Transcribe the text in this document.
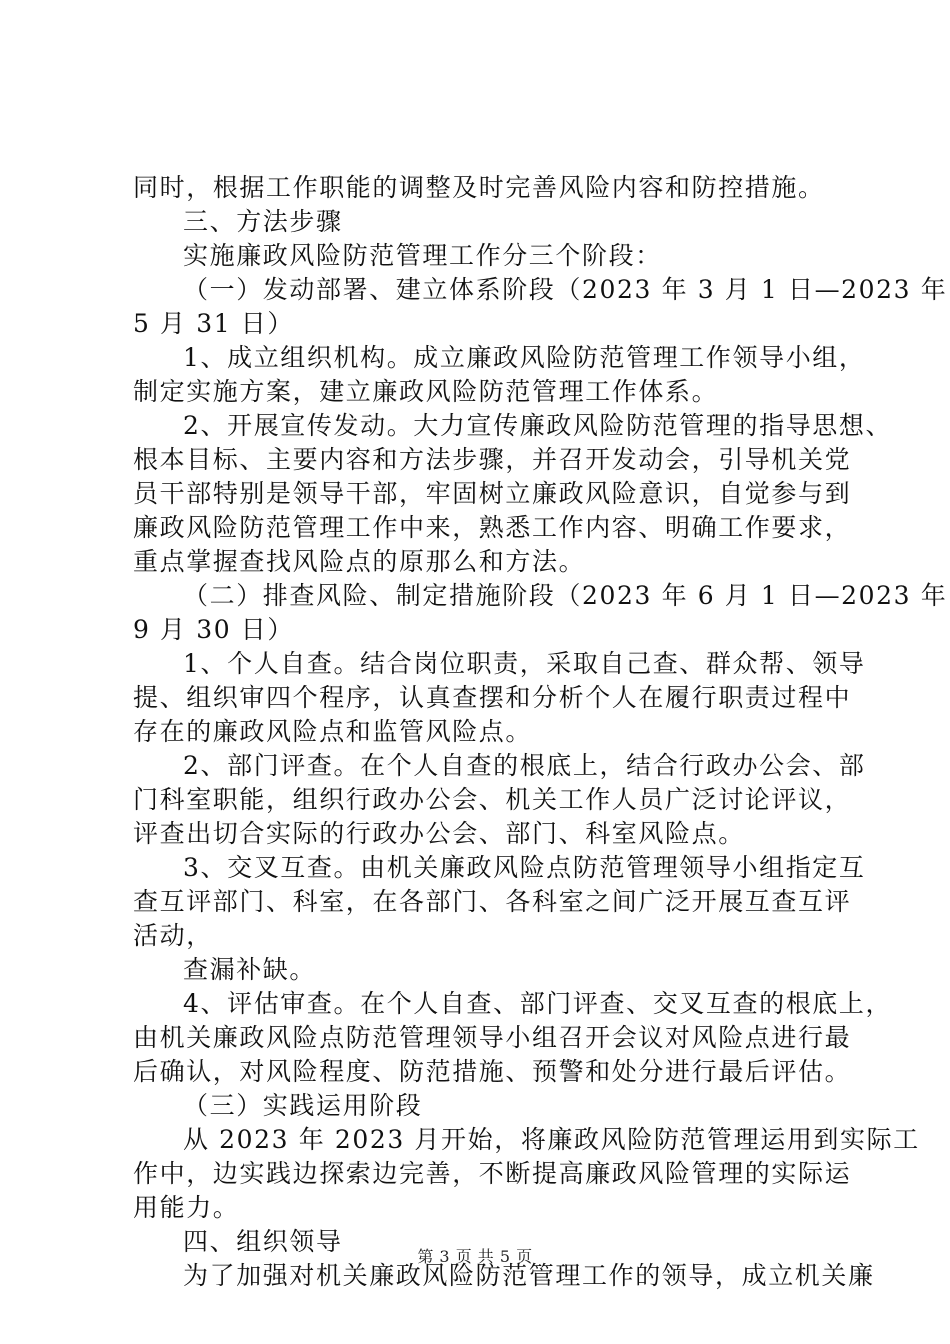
同时，根据工作职能的调整及时完善风险内容和防控措施。
三、方法步骤
实施廉政风险防范管理工作分三个阶段：
（一）发动部署、建立体系阶段（2023 年 3 月 1 日—2023 年
5 月 31 日）
1、成立组织机构。成立廉政风险防范管理工作领导小组，
制定实施方案，建立廉政风险防范管理工作体系。
2、开展宣传发动。大力宣传廉政风险防范管理的指导思想、
根本目标、主要内容和方法步骤，并召开发动会，引导机关党
员干部特别是领导干部，牢固树立廉政风险意识，自觉参与到
廉政风险防范管理工作中来，熟悉工作内容、明确工作要求，
重点掌握查找风险点的原那么和方法。
（二）排查风险、制定措施阶段（2023 年 6 月 1 日—2023 年
9 月 30 日）
1、个人自查。结合岗位职责，采取自己查、群众帮、领导
提、组织审四个程序，认真查摆和分析个人在履行职责过程中
存在的廉政风险点和监管风险点。
2、部门评查。在个人自查的根底上，结合行政办公会、部
门科室职能，组织行政办公会、机关工作人员广泛讨论评议，
评查出切合实际的行政办公会、部门、科室风险点。
3、交叉互查。由机关廉政风险点防范管理领导小组指定互
查互评部门、科室，在各部门、各科室之间广泛开展互查互评
活动，
查漏补缺。
4、评估审查。在个人自查、部门评查、交叉互查的根底上，
由机关廉政风险点防范管理领导小组召开会议对风险点进行最
后确认，对风险程度、防范措施、预警和处分进行最后评估。
（三）实践运用阶段
从 2023 年 2023 月开始，将廉政风险防范管理运用到实际工
作中，边实践边探索边完善，不断提高廉政风险管理的实际运
用能力。
四、组织领导
为了加强对机关廉政风险防范管理工作的领导，成立机关廉
第 3 页 共 5 页
